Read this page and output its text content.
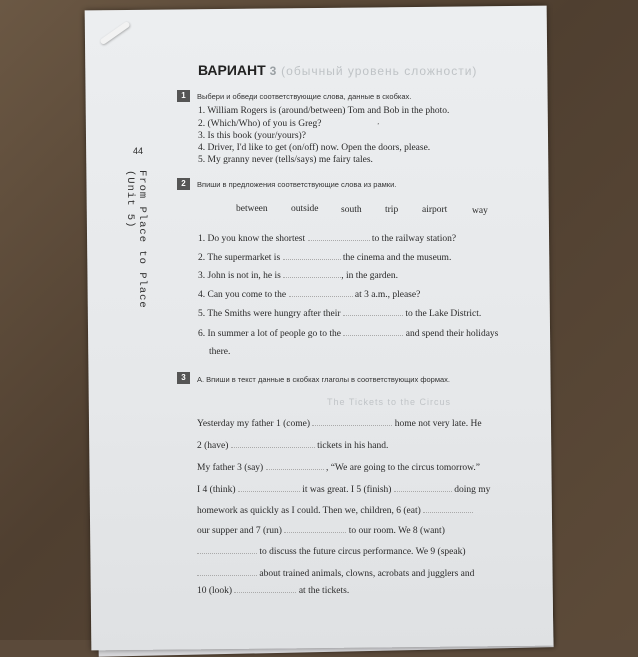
44
From Place to Place (Unit 5)
ВАРИАНТ 3 (обычный уровень сложности)
1	Выбери и обведи соответствующие слова, данные в скобках.
1. William Rogers is (around/between) Tom and Bob in the photo.
2. (Which/Who) of you is Greg?
3. Is this book (your/yours)?
4. Driver, I'd like to get (on/off) now. Open the doors, please.
5. My granny never (tells/says) me fairy tales.
ʼ
2	Впиши в предложения соответствующие слова из рамки.
between outside south trip	airport	way
1. Do you know the shortest	to the railway station?
2. The supermarket is	the cinema and the museum.
3. John is not in, he is	, in the garden.
4. Can you come to the	at 3 a.m., please?
5. The Smiths were hungry after their	to the Lake District.
6. In summer a lot of people go to the	and spend their holidays
there.
3	A. Впиши в текст данные в скобках глаголы в соответствующих формах.
The Tickets to the Circus
Yesterday my father 1 (come)	home not very late. He
2 (have)	tickets in his hand.
My father 3 (say)	, “We are going to the circus tomorrow.”
I 4 (think)	it was great. I 5 (finish)	doing my
homework as quickly as I could. Then we, children, 6 (eat)
our supper and 7 (run)	to our room. We 8 (want)
to discuss the future circus performance. We 9 (speak)
about trained animals, clowns, acrobats and jugglers and
10 (look)	at the tickets.
